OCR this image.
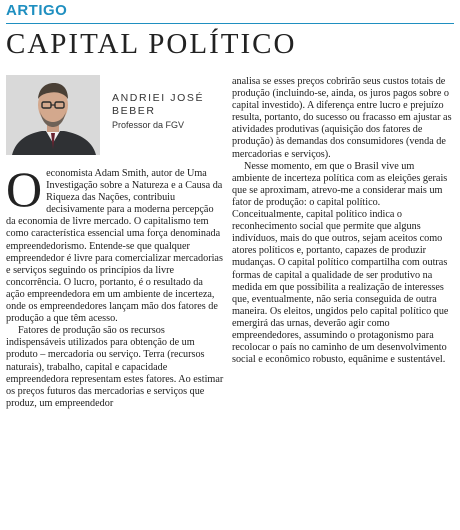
ARTIGO
CAPITAL POLÍTICO
ANDRIEI JOSÉ BEBER
Professor da FGV
O economista Adam Smith, autor de Uma Investigação sobre a Natureza e a Causa da Riqueza das Nações, contribuiu decisivamente para a moderna percepção da economia de livre mercado. O capitalismo tem como característica essencial uma força denominada empreendedorismo. Entende-se que qualquer empreendedor é livre para comercializar mercadorias e serviços seguindo os princípios da livre concorrência. O lucro, portanto, é o resultado da ação empreendedora em um ambiente de incerteza, onde os empreendedores lançam mão dos fatores de produção a que têm acesso.

Fatores de produção são os recursos indispensáveis utilizados para obtenção de um produto – mercadoria ou serviço. Terra (recursos naturais), trabalho, capital e capacidade empreendedora representam estes fatores. Ao estimar os preços futuros das mercadorias e serviços que produz, um empreendedor

analisa se esses preços cobrirão seus custos totais de produção (incluindo-se, ainda, os juros pagos sobre o capital investido). A diferença entre lucro e prejuízo resulta, portanto, do sucesso ou fracasso em ajustar as atividades produtivas (aquisição dos fatores de produção) às demandas dos consumidores (venda de mercadorias e serviços).

Nesse momento, em que o Brasil vive um ambiente de incerteza política com as eleições gerais que se aproximam, atrevo-me a considerar mais um fator de produção: o capital político. Conceitualmente, capital político indica o reconhecimento social que permite que alguns indivíduos, mais do que outros, sejam aceitos como atores políticos e, portanto, capazes de produzir mudanças. O capital político compartilha com outras formas de capital a qualidade de ser produtivo na medida em que possibilita a realização de interesses que, eventualmente, não seria conseguida de outra maneira. Os eleitos, ungidos pelo capital político que emergirá das urnas, deverão agir como empreendedores, assumindo o protagonismo para recolocar o país no caminho de um desenvolvimento social e econômico robusto, equânime e sustentável.
